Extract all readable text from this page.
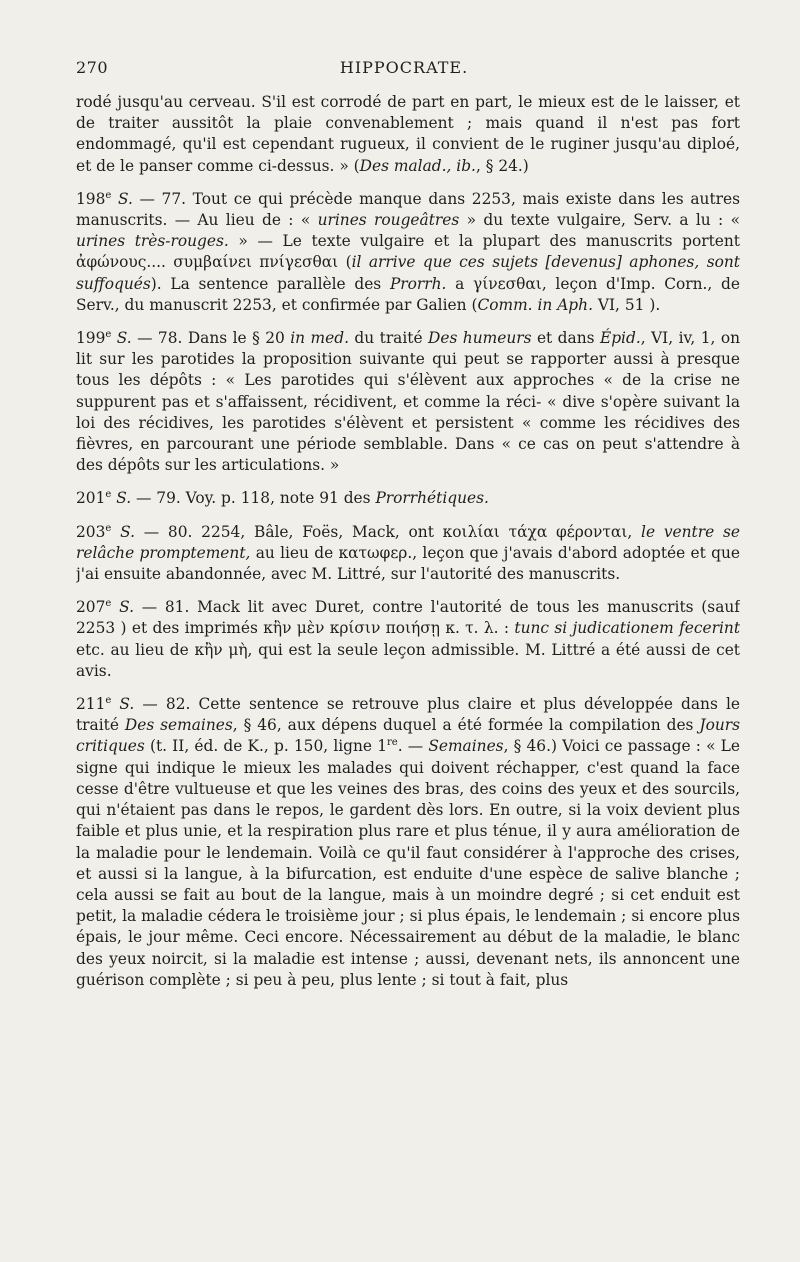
270	HIPPOCRATE.

rodé jusqu'au cerveau. S'il est corrodé de part en part, le mieux est de le laisser, et de traiter aussitôt la plaie convenablement ; mais quand il n'est pas fort endommagé, qu'il est cependant rugueux, il convient de le ruginer jusqu'au diploé, et de le panser comme ci-dessus. » (Des malad., ib., § 24.)

198e S. — 77. Tout ce qui précède manque dans 2253, mais existe dans les autres manuscrits. — Au lieu de : « urines rougeâtres » du texte vulgaire, Serv. a lu : « urines très-rouges. » — Le texte vulgaire et la plupart des manuscrits portent ἀφώνους.... συμβαίνει πνίγεσθαι (il arrive que ces sujets [devenus] aphones, sont suffoqués). La sentence parallèle des Prorrh. a γίνεσθαι, leçon d'Imp. Corn., de Serv., du manuscrit 2253, et confirmée par Galien (Comm. in Aph. VI, 51 ).

199e S. — 78. Dans le § 20 in med. du traité Des humeurs et dans Épid., VI, iv, 1, on lit sur les parotides la proposition suivante qui peut se rapporter aussi à presque tous les dépôts : « Les parotides qui s'élèvent aux approches « de la crise ne suppurent pas et s'affaissent, récidivent, et comme la réci- « dive s'opère suivant la loi des récidives, les parotides s'élèvent et persistent « comme les récidives des fièvres, en parcourant une période semblable. Dans « ce cas on peut s'attendre à des dépôts sur les articulations. »

201e S. — 79. Voy. p. 118, note 91 des Prorrhétiques.

203e S. — 80. 2254, Bâle, Foës, Mack, ont κοιλίαι τάχα φέρονται, le ventre se relâche promptement, au lieu de κατωφερ., leçon que j'avais d'abord adoptée et que j'ai ensuite abandonnée, avec M. Littré, sur l'autorité des manuscrits.

207e S. — 81. Mack lit avec Duret, contre l'autorité de tous les manuscrits (sauf 2253 ) et des imprimés κἢν μὲν κρίσιν ποιήσῃ κ. τ. λ. : tunc si judicationem fecerint etc. au lieu de κἢν μὴ, qui est la seule leçon admissible. M. Littré a été aussi de cet avis.

211e S. — 82. Cette sentence se retrouve plus claire et plus développée dans le traité Des semaines, § 46, aux dépens duquel a été formée la compilation des Jours critiques (t. II, éd. de K., p. 150, ligne 1re. — Semaines, § 46.) Voici ce passage : « Le signe qui indique le mieux les malades qui doivent réchapper, c'est quand la face cesse d'être vultueuse et que les veines des bras, des coins des yeux et des sourcils, qui n'étaient pas dans le repos, le gardent dès lors. En outre, si la voix devient plus faible et plus unie, et la respiration plus rare et plus ténue, il y aura amélioration de la maladie pour le lendemain. Voilà ce qu'il faut considérer à l'approche des crises, et aussi si la langue, à la bifurcation, est enduite d'une espèce de salive blanche ; cela aussi se fait au bout de la langue, mais à un moindre degré ; si cet enduit est petit, la maladie cédera le troisième jour ; si plus épais, le lendemain ; si encore plus épais, le jour même. Ceci encore. Nécessairement au début de la maladie, le blanc des yeux noircit, si la maladie est intense ; aussi, devenant nets, ils annoncent une guérison complète ; si peu à peu, plus lente ; si tout à fait, plus
